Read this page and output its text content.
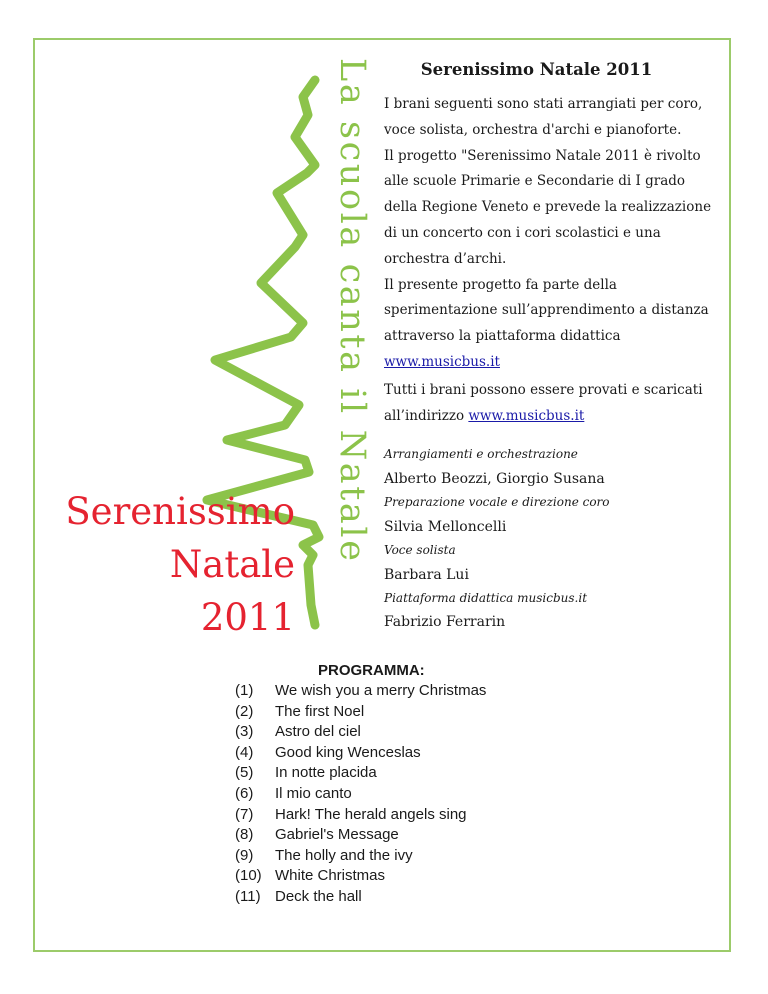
La scuola canta il Natale
Serenissimo
Natale
2011
Serenissimo Natale 2011
I brani seguenti sono stati arrangiati per coro,
voce solista, orchestra d'archi e pianoforte.
Il progetto "Serenissimo Natale 2011 è rivolto
alle scuole Primarie e Secondarie di I grado
della Regione Veneto e prevede la realizzazione
di un concerto con i cori scolastici e una
orchestra d’archi.
Il presente progetto fa parte della
sperimentazione sull’apprendimento a distanza
attraverso la piattaforma didattica
www.musicbus.it
Tutti i brani possono essere provati e scaricati
all’indirizzo www.musicbus.it
Arrangiamenti e orchestrazione
Alberto Beozzi, Giorgio Susana
Preparazione vocale e direzione coro
Silvia Melloncelli
Voce solista
Barbara Lui
Piattaforma didattica musicbus.it
Fabrizio Ferrarin
PROGRAMMA:
(1)	We wish you a merry Christmas
(2)	The first Noel
(3)	Astro del ciel
(4)	Good king Wenceslas
(5)	In notte placida
(6)	Il mio canto
(7)	Hark! The herald angels sing
(8)	Gabriel's Message
(9)	The holly and the ivy
(10) White Christmas
(11) Deck the hall
